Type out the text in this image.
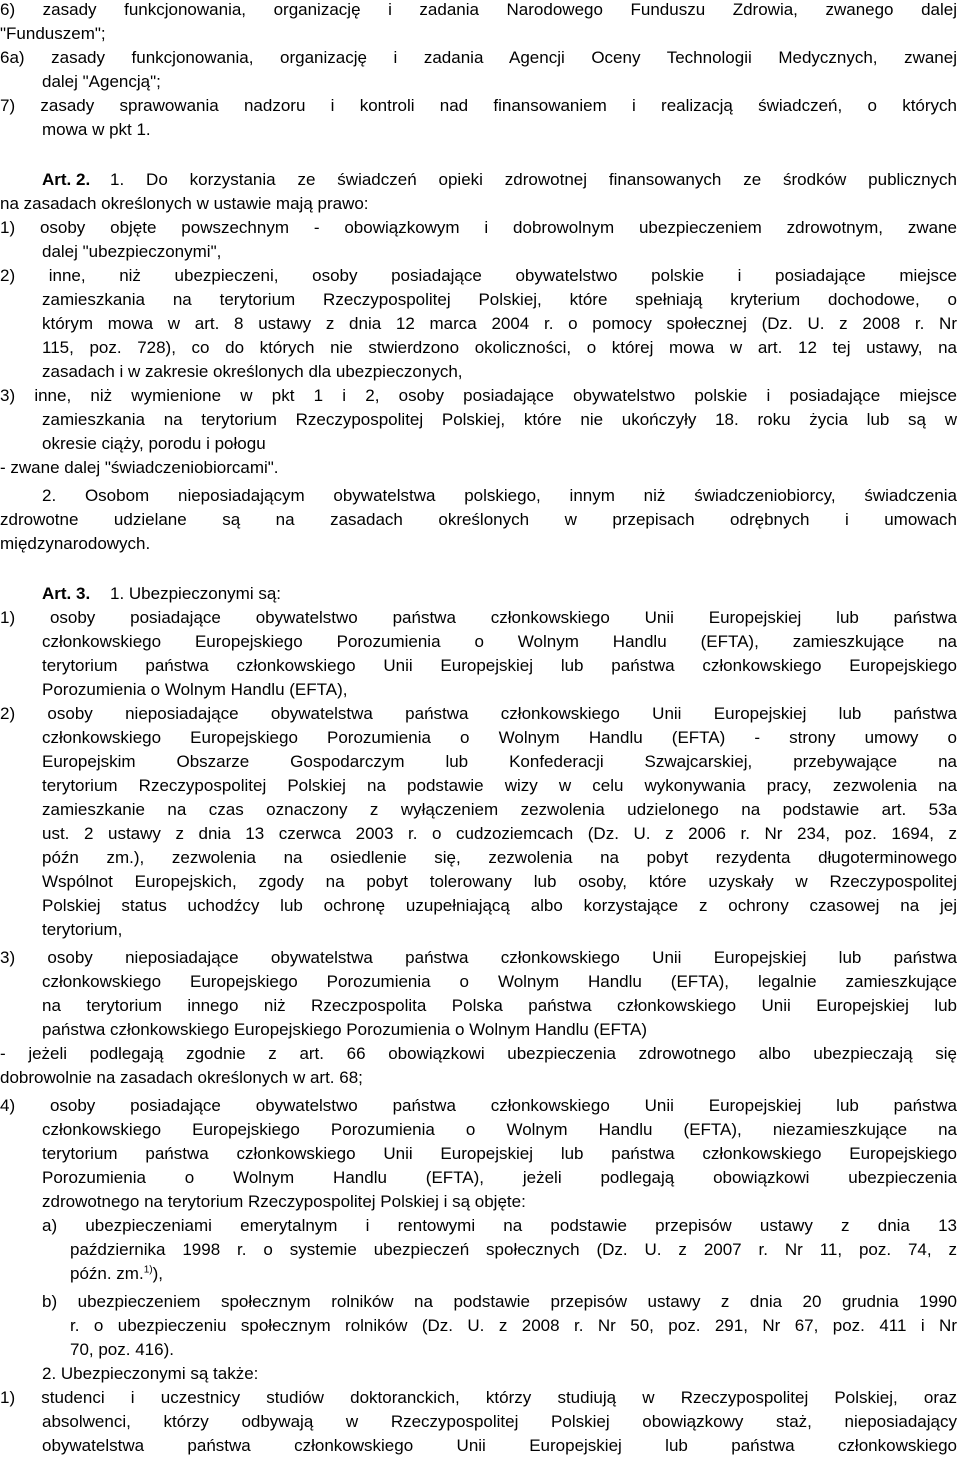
6) zasady funkcjonowania, organizację i zadania Narodowego Funduszu Zdrowia, zwanego dalej
"Funduszem";
6a) zasady funkcjonowania, organizację i zadania Agencji Oceny Technologii Medycznych, zwanej
dalej "Agencją";
7) zasady sprawowania nadzoru i kontroli nad finansowaniem i realizacją świadczeń, o których
mowa w pkt 1.
Art. 2. 1. Do korzystania ze świadczeń opieki zdrowotnej finansowanych ze środków publicznych
na zasadach określonych w ustawie mają prawo:
1) osoby objęte powszechnym - obowiązkowym i dobrowolnym ubezpieczeniem zdrowotnym, zwane
dalej "ubezpieczonymi",
2) inne, niż ubezpieczeni, osoby posiadające obywatelstwo polskie i posiadające miejsce
zamieszkania na terytorium Rzeczypospolitej Polskiej, które spełniają kryterium dochodowe, o
którym mowa w art. 8 ustawy z dnia 12 marca 2004 r. o pomocy społecznej (Dz. U. z 2008 r. Nr
115, poz. 728), co do których nie stwierdzono okoliczności, o której mowa w art. 12 tej ustawy, na
zasadach i w zakresie określonych dla ubezpieczonych,
3) inne, niż wymienione w pkt 1 i 2, osoby posiadające obywatelstwo polskie i posiadające miejsce
zamieszkania na terytorium Rzeczypospolitej Polskiej, które nie ukończyły 18. roku życia lub są w
okresie ciąży, porodu i połogu
- zwane dalej "świadczeniobiorcami".
2. Osobom nieposiadającym obywatelstwa polskiego, innym niż świadczeniobiorcy, świadczenia
zdrowotne udzielane są na zasadach określonych w przepisach odrębnych i umowach
międzynarodowych.
Art. 3. 1. Ubezpieczonymi są:
1) osoby posiadające obywatelstwo państwa członkowskiego Unii Europejskiej lub państwa
członkowskiego Europejskiego Porozumienia o Wolnym Handlu (EFTA), zamieszkujące na
terytorium państwa członkowskiego Unii Europejskiej lub państwa członkowskiego Europejskiego
Porozumienia o Wolnym Handlu (EFTA),
2) osoby nieposiadające obywatelstwa państwa członkowskiego Unii Europejskiej lub państwa
członkowskiego Europejskiego Porozumienia o Wolnym Handlu (EFTA) - strony umowy o
Europejskim Obszarze Gospodarczym lub Konfederacji Szwajcarskiej, przebywające na
terytorium Rzeczypospolitej Polskiej na podstawie wizy w celu wykonywania pracy, zezwolenia na
zamieszkanie na czas oznaczony z wyłączeniem zezwolenia udzielonego na podstawie art. 53a
ust. 2 ustawy z dnia 13 czerwca 2003 r. o cudzoziemcach (Dz. U. z 2006 r. Nr 234, poz. 1694, z
późn zm.), zezwolenia na osiedlenie się, zezwolenia na pobyt rezydenta długoterminowego
Wspólnot Europejskich, zgody na pobyt tolerowany lub osoby, które uzyskały w Rzeczypospolitej
Polskiej status uchodźcy lub ochronę uzupełniającą albo korzystające z ochrony czasowej na jej
terytorium,
3) osoby nieposiadające obywatelstwa państwa członkowskiego Unii Europejskiej lub państwa
członkowskiego Europejskiego Porozumienia o Wolnym Handlu (EFTA), legalnie zamieszkujące
na terytorium innego niż Rzeczpospolita Polska państwa członkowskiego Unii Europejskiej lub
państwa członkowskiego Europejskiego Porozumienia o Wolnym Handlu (EFTA)
- jeżeli podlegają zgodnie z art. 66 obowiązkowi ubezpieczenia zdrowotnego albo ubezpieczają się
dobrowolnie na zasadach określonych w art. 68;
4) osoby posiadające obywatelstwo państwa członkowskiego Unii Europejskiej lub państwa
członkowskiego Europejskiego Porozumienia o Wolnym Handlu (EFTA), niezamieszkujące na
terytorium państwa członkowskiego Unii Europejskiej lub państwa członkowskiego Europejskiego
Porozumienia o Wolnym Handlu (EFTA), jeżeli podlegają obowiązkowi ubezpieczenia
zdrowotnego na terytorium Rzeczypospolitej Polskiej i są objęte:
a) ubezpieczeniami emerytalnym i rentowymi na podstawie przepisów ustawy z dnia 13
października 1998 r. o systemie ubezpieczeń społecznych (Dz. U. z 2007 r. Nr 11, poz. 74, z
późn. zm.$^{1)}$),
b) ubezpieczeniem społecznym rolników na podstawie przepisów ustawy z dnia 20 grudnia 1990
r. o ubezpieczeniu społecznym rolników (Dz. U. z 2008 r. Nr 50, poz. 291, Nr 67, poz. 411 i Nr
70, poz. 416).
2. Ubezpieczonymi są także:
1) studenci i uczestnicy studiów doktoranckich, którzy studiują w Rzeczypospolitej Polskiej, oraz
absolwenci, którzy odbywają w Rzeczypospolitej Polskiej obowiązkowy staż, nieposiadający
obywatelstwa państwa członkowskiego Unii Europejskiej lub państwa członkowskiego
